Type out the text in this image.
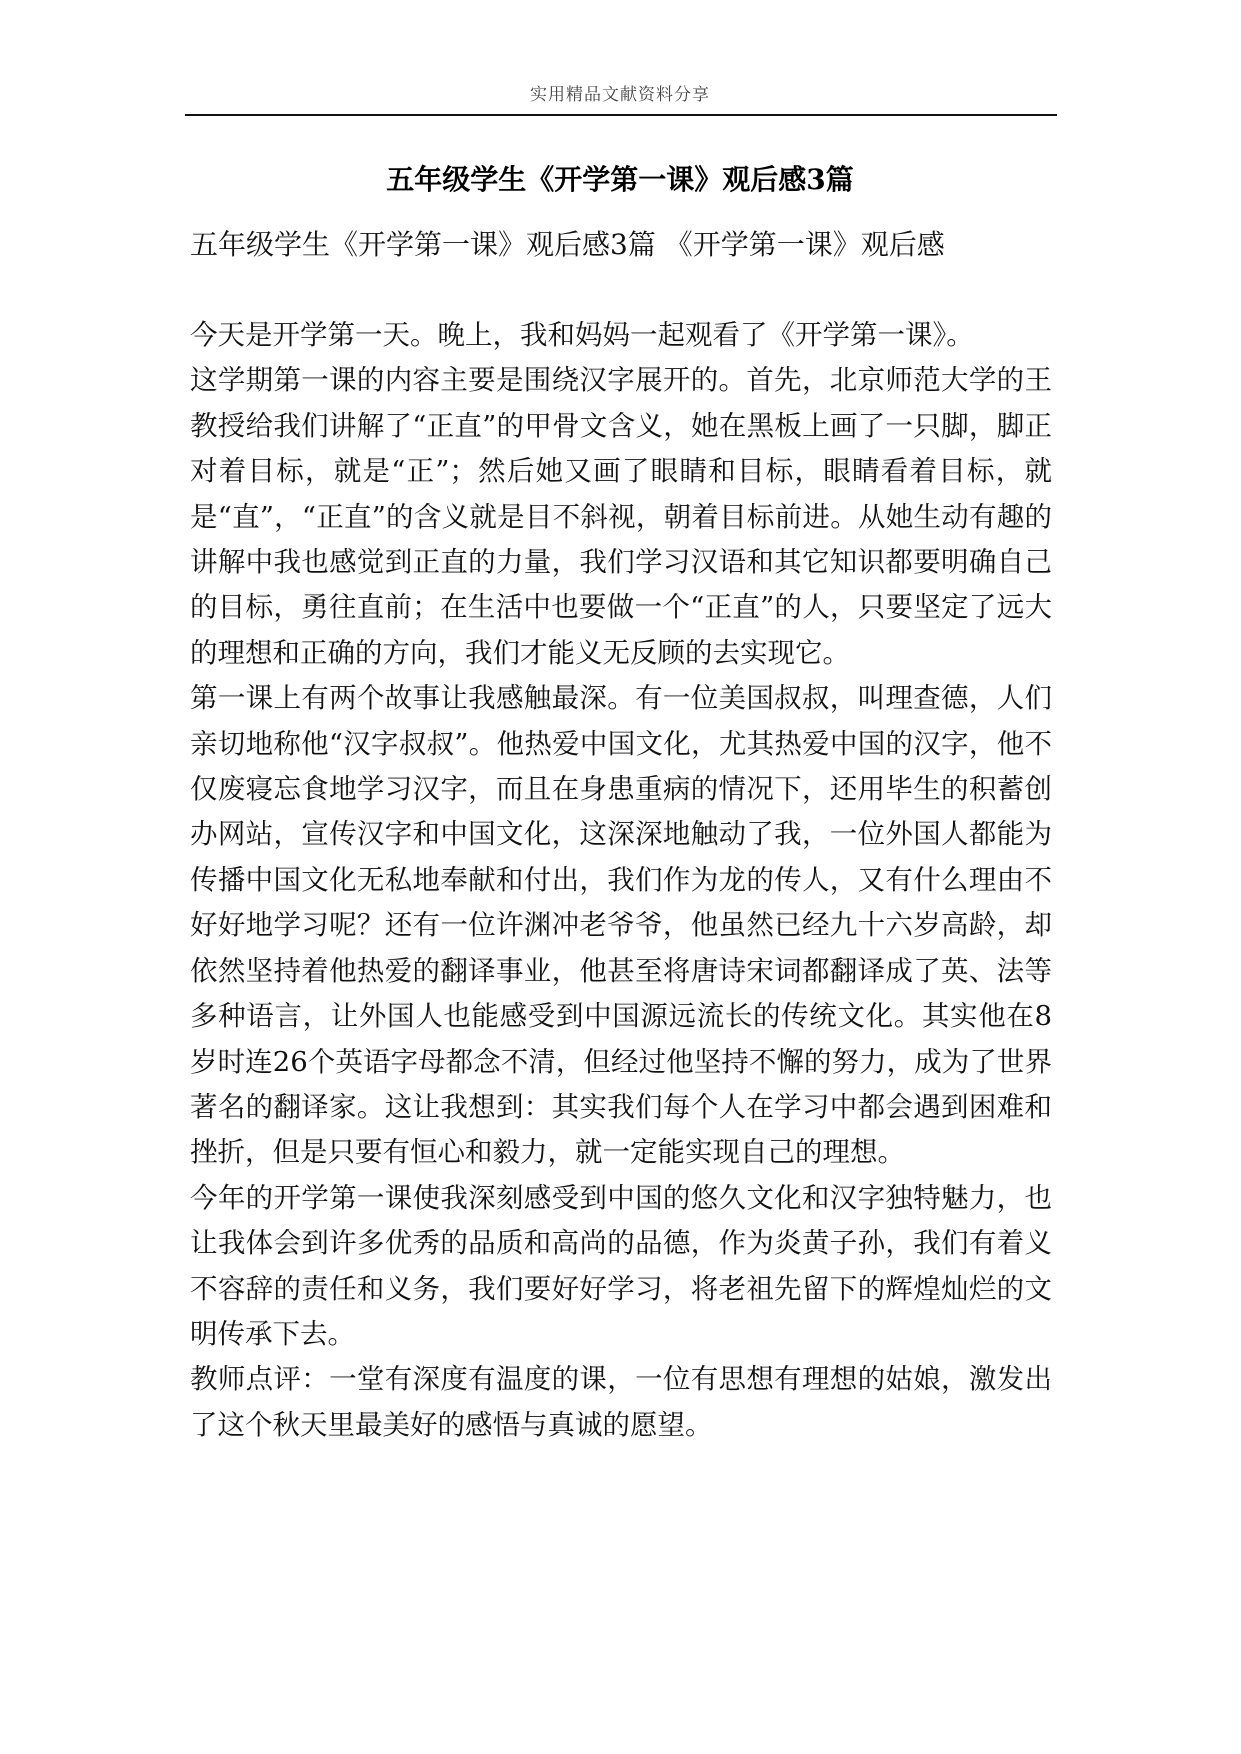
实用精品文献资料分享
五年级学生《开学第一课》观后感3篇
五年级学生《开学第一课》观后感3篇 《开学第一课》观后感

今天是开学第一天。晚上，我和妈妈一起观看了《开学第一课》。

这学期第一课的内容主要是围绕汉字展开的。首先，北京师范大学的王教授给我们讲解了“正直”的甲骨文含义，她在黑板上画了一只脚，脚正对着目标，就是“正”；然后她又画了眼睛和目标，眼睛看着目标，就是“直”，“正直”的含义就是目不斜视，朝着目标前进。从她生动有趣的讲解中我也感觉到正直的力量，我们学习汉语和其它知识都要明确自己的目标，勇往直前；在生活中也要做一个“正直”的人，只要坚定了远大的理想和正确的方向，我们才能义无反顾的去实现它。

第一课上有两个故事让我感触最深。有一位美国叔叔，叫理查德，人们亲切地称他“汉字叔叔”。他热爱中国文化，尤其热爱中国的汉字，他不仅废寝忘食地学习汉字，而且在身患重病的情况下，还用毕生的积蓄创办网站，宣传汉字和中国文化，这深深地触动了我，一位外国人都能为传播中国文化无私地奉献和付出，我们作为龙的传人，又有什么理由不好好地学习呢？还有一位许渊冲老爷爷，他虽然已经九十六岁高龄，却依然坚持着他热爱的翻译事业，他甚至将唐诗宋词都翻译成了英、法等多种语言，让外国人也能感受到中国源远流长的传统文化。其实他在8岁时连26个英语字母都念不清，但经过他坚持不懈的努力，成为了世界著名的翻译家。这让我想到：其实我们每个人在学习中都会遇到困难和挫折，但是只要有恒心和毅力，就一定能实现自己的理想。

今年的开学第一课使我深刻感受到中国的悠久文化和汉字独特魅力，也让我体会到许多优秀的品质和高尚的品德，作为炎黄子孙，我们有着义不容辞的责任和义务，我们要好好学习，将老祖先留下的辉煌灿烂的文明传承下去。

教师点评：一堂有深度有温度的课，一位有思想有理想的姑娘，激发出了这个秋天里最美好的感悟与真诚的愿望。
